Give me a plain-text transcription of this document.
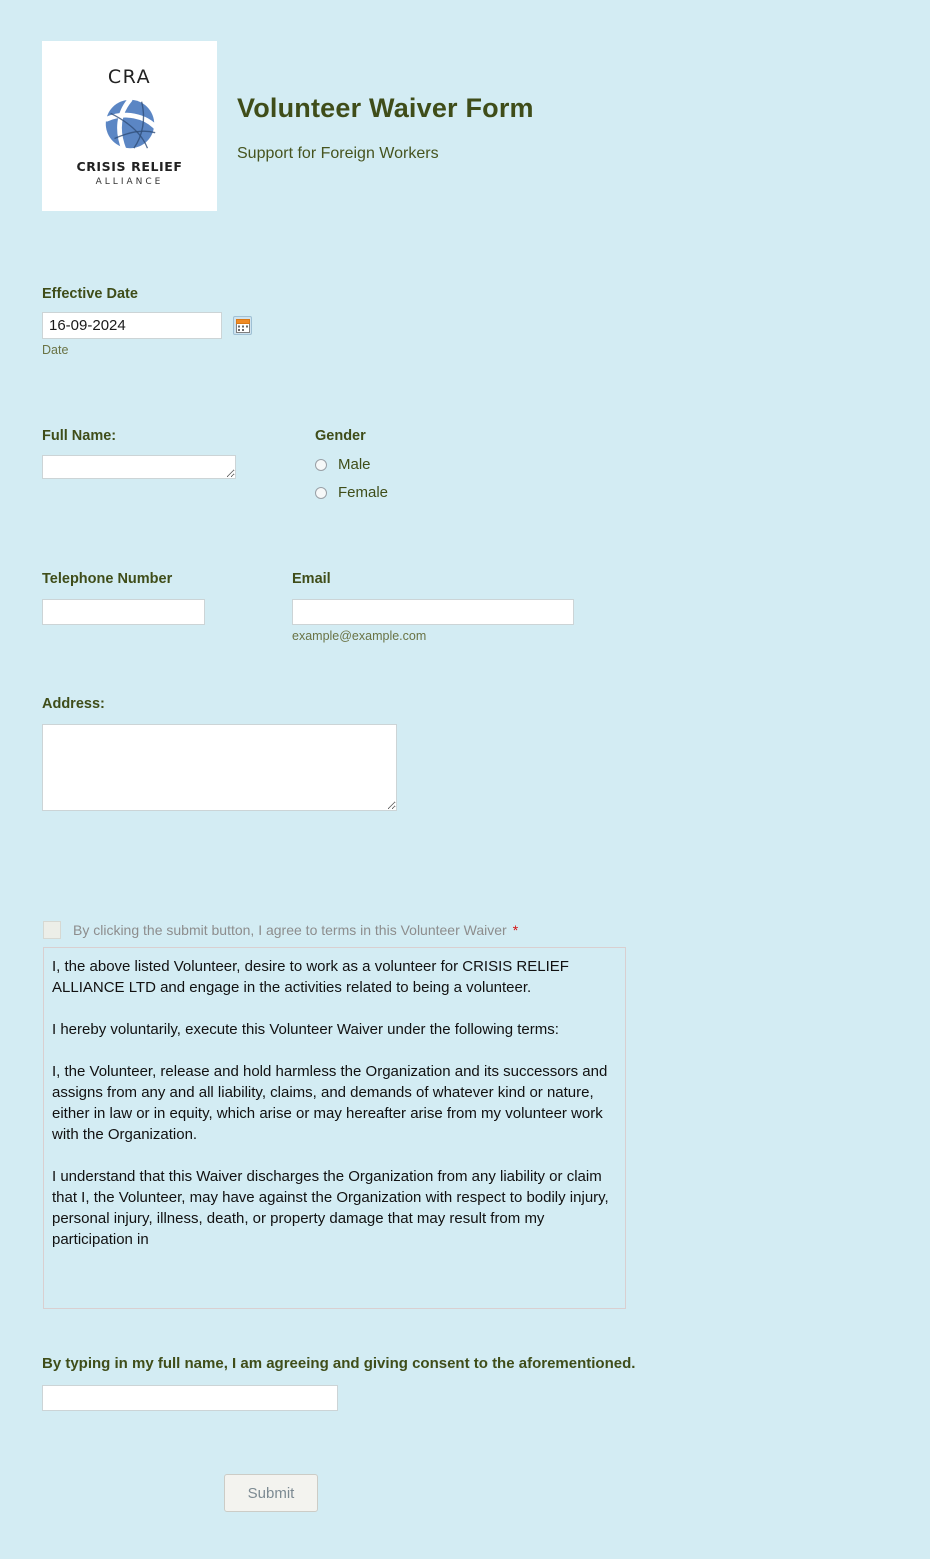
CRA
CRISIS RELIEF
ALLIANCE
Volunteer Waiver Form

Support for Foreign Workers

Effective Date
16-09-2024
Date
Full Name:	Gender
Male
Female
Telephone Number	Email
example@example.com
Address:
By clicking the submit button, I agree to terms in this Volunteer Waiver *

I, the above listed Volunteer, desire to work as a volunteer for CRISIS RELIEF ALLIANCE LTD and engage in the activities related to being a volunteer.

I hereby voluntarily, execute this Volunteer Waiver under the following terms:

I, the Volunteer, release and hold harmless the Organization and its successors and assigns from any and all liability, claims, and demands of whatever kind or nature, either in law or in equity, which arise or may hereafter arise from my volunteer work with the Organization.

I understand that this Waiver discharges the Organization from any liability or claim that I, the Volunteer, may have against the Organization with respect to bodily injury, personal injury, illness, death, or property damage that may result from my participation in

By typing in my full name, I am agreeing and giving consent to the aforementioned.
Submit
